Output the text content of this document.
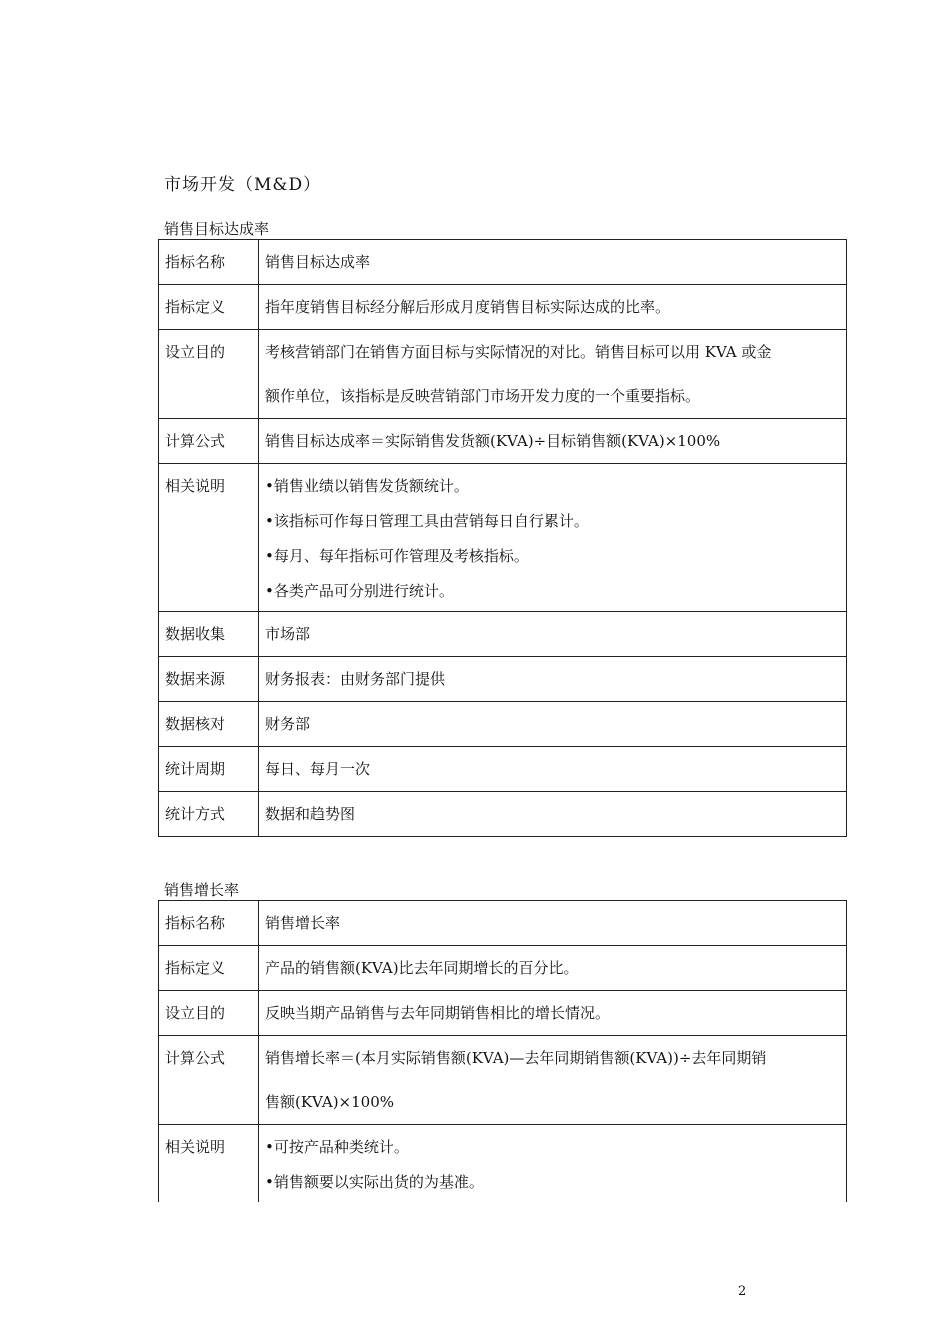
市场开发（M&D）
销售目标达成率
指标名称	销售目标达成率
指标定义	指年度销售目标经分解后形成月度销售目标实际达成的比率。
设立目的	考核营销部门在销售方面目标与实际情况的对比。销售目标可以用 KVA 或金
额作单位，该指标是反映营销部门市场开发力度的一个重要指标。

计算公式	销售目标达成率＝实际销售发货额(KVA)÷目标销售额(KVA)×100%
相关说明	•销售业绩以销售发货额统计。
•该指标可作每日管理工具由营销每日自行累计。
•每月、每年指标可作管理及考核指标。
•各类产品可分别进行统计。

数据收集	市场部
数据来源	财务报表：由财务部门提供
数据核对	财务部
统计周期	每日、每月一次
统计方式	数据和趋势图
销售增长率
指标名称	销售增长率
指标定义	产品的销售额(KVA)比去年同期增长的百分比。
设立目的	反映当期产品销售与去年同期销售相比的增长情况。
计算公式	销售增长率＝(本月实际销售额(KVA)—去年同期销售额(KVA))÷去年同期销
售额(KVA)×100%

相关说明	•可按产品种类统计。
•销售额要以实际出货的为基准。
2
